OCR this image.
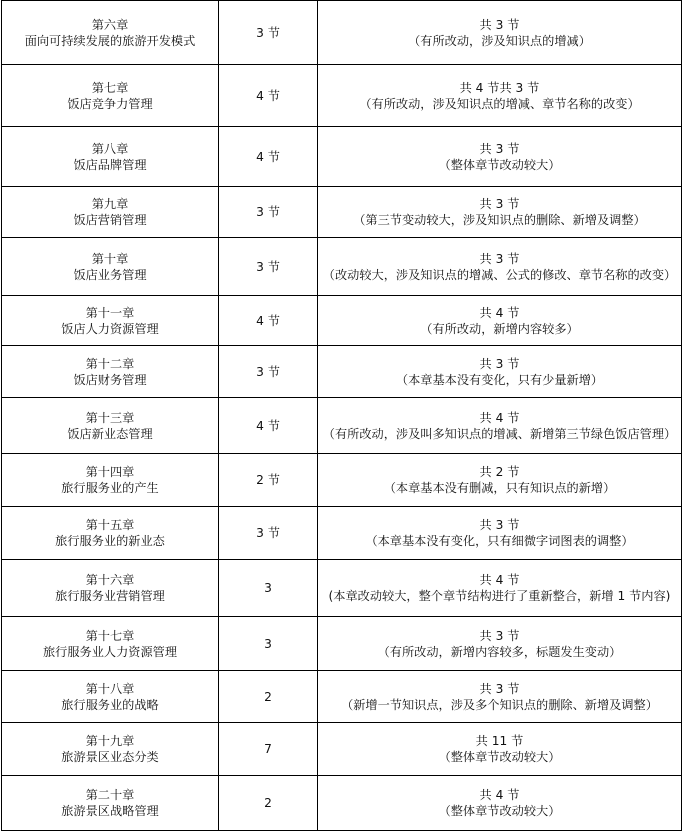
第六章
面向可持续发展的旅游开发模式	3 节	共 3 节
（有所改动，涉及知识点的增减）

第七章
饭店竞争力管理	4 节	共 4 节共 3 节
（有所改动，涉及知识点的增减、章节名称的改变）

第八章
饭店品牌管理	4 节	共 3 节
（整体章节改动较大）

第九章
饭店营销管理	3 节	共 3 节
（第三节变动较大，涉及知识点的删除、新增及调整）

第十章
饭店业务管理	3 节	共 3 节
（改动较大，涉及知识点的增减、公式的修改、章节名称的改变）

第十一章
饭店人力资源管理	4 节	共 4 节
（有所改动，新增内容较多）

第十二章
饭店财务管理	3 节	共 3 节
（本章基本没有变化，只有少量新增）

第十三章
饭店新业态管理	4 节	共 4 节
（有所改动，涉及叫多知识点的增减、新增第三节绿色饭店管理）

第十四章
旅行服务业的产生	2 节	共 2 节
（本章基本没有删减，只有知识点的新增）

第十五章
旅行服务业的新业态	3 节	共 3 节
（本章基本没有变化，只有细微字词图表的调整）

第十六章
旅行服务业营销管理	3	共 4 节
(本章改动较大，整个章节结构进行了重新整合，新增 1 节内容)

第十七章
旅行服务业人力资源管理	3	共 3 节
（有所改动，新增内容较多，标题发生变动）

第十八章
旅行服务业的战略	2	共 3 节
（新增一节知识点，涉及多个知识点的删除、新增及调整）

第十九章
旅游景区业态分类	7	共 11 节
（整体章节改动较大）

第二十章
旅游景区战略管理	2	共 4 节
（整体章节改动较大）
